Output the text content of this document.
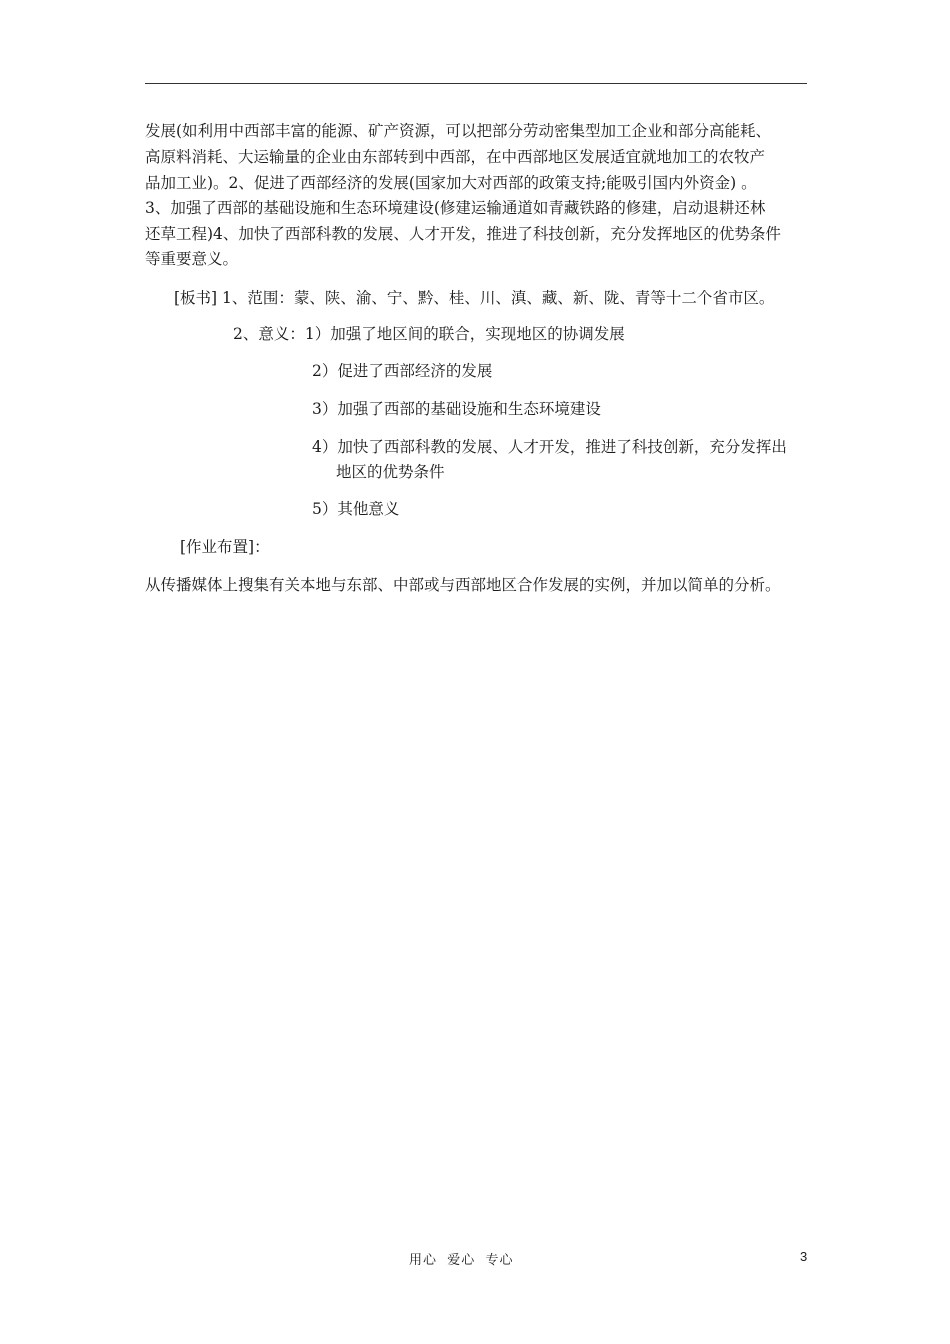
发展(如利用中西部丰富的能源、矿产资源，可以把部分劳动密集型加工企业和部分高能耗、
高原料消耗、大运输量的企业由东部转到中西部，在中西部地区发展适宜就地加工的农牧产
品加工业)。2、促进了西部经济的发展(国家加大对西部的政策支持;能吸引国内外资金) 。
3、加强了西部的基础设施和生态环境建设(修建运输通道如青藏铁路的修建，启动退耕还林
还草工程)4、加快了西部科教的发展、人才开发，推进了科技创新，充分发挥地区的优势条件
等重要意义。
[板书] 1、范围：蒙、陕、渝、宁、黔、桂、川、滇、藏、新、陇、青等十二个省市区。
2、意义：1）加强了地区间的联合，实现地区的协调发展
2）促进了西部经济的发展
3）加强了西部的基础设施和生态环境建设
4）加快了西部科教的发展、人才开发，推进了科技创新，充分发挥出
地区的优势条件
5）其他意义
[作业布置]：
从传播媒体上搜集有关本地与东部、中部或与西部地区合作发展的实例，并加以简单的分析。
用心  爱心  专心	3
